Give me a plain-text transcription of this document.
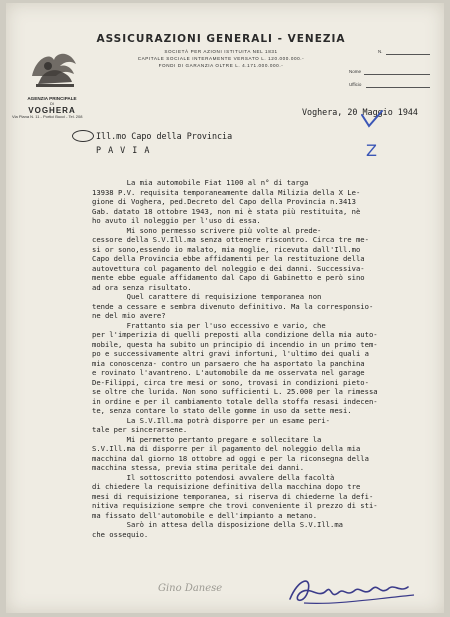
ASSICURAZIONI GENERALI - VENEZIA
SOCIETÀ PER AZIONI ISTITUITA NEL 1831
CAPITALE SOCIALE INTERAMENTE VERSATO L. 120.000.000.-
FONDI DI GARANZIA OLTRE L. 4.171.000.000.-
N.
Nome
Ufficio
AGENZIA PRINCIPALE
DI
VOGHERA
Via Plana N. 11 - Portici Bucci - Tel. 208	Voghera, 20 Maggio 1944
Ill.mo Capo della Provincia
P A V I A	Z
La mia automobile Fiat 1100 al n° di targa
13938 P.V. requisita temporaneamente dalla Milizia della X Le-
gione di Voghera, ped.Decreto del Capo della Provincia n.3413
Gab. datato 18 ottobre 1943, non mi è stata più restituita, nè
ho avuto il noleggio per l'uso di essa.
Mi sono permesso scrivere più volte al prede-
cessore della S.V.Ill.ma senza ottenere riscontro. Circa tre me-
si or sono,essendo io malato, mia moglie, ricevuta dall'Ill.mo
Capo della Provincia ebbe affidamenti per la restituzione della
autovettura col pagamento del noleggio e dei danni. Successiva-
mente ebbe eguale affidamento dal Capo di Gabinetto e però sino
ad ora senza risultato.
Quel carattere di requisizione temporanea non
tende a cessare e sembra divenuto definitivo. Ma la corresponsio-
ne del mio avere?
Frattanto sia per l'uso eccessivo e vario, che
per l'imperizia di quelli preposti alla condizione della mia auto-
mobile, questa ha subito un principio di incendio in un primo tem-
po e successivamente altri gravi infortuni, l'ultimo dei quali a
mia conoscenza- contro un parsaero che ha asportato la panchina
e rovinato l'avantreno. L'automobile da me osservata nel garage
De-Filippi, circa tre mesi or sono, trovasi in condizioni pietο-
se oltre che lurida. Non sono sufficienti L. 25.000 per la rimessa
in ordine e per il cambiamento totale della stoffa resasi indecen-
te, senza contare lo stato delle gomme in uso da sette mesi.
La S.V.Ill.ma potrà disporre per un esame peri-
tale per sincerarsene.
Mi permetto pertanto pregare e sollecitare la
S.V.Ill.ma di disporre per il pagamento del noleggio della mia
macchina dal giorno 18 ottobre ad oggi e per la riconsegna della
macchina stessa, previa stima peritale dei danni.
Il sottoscritto potendosi avvalere della facoltà
di chiedere la requisizione definitiva della macchina dopo tre
mesi di requisizione temporanea, si riserva di chiederne la defi-
nitiva requisizione sempre che trovi conveniente il prezzo di sti-
ma fissato dell'automobile e dell'impianto a metano.
Sarò in attesa della disposizione della S.V.Ill.ma
che ossequio.
Gino Danese
